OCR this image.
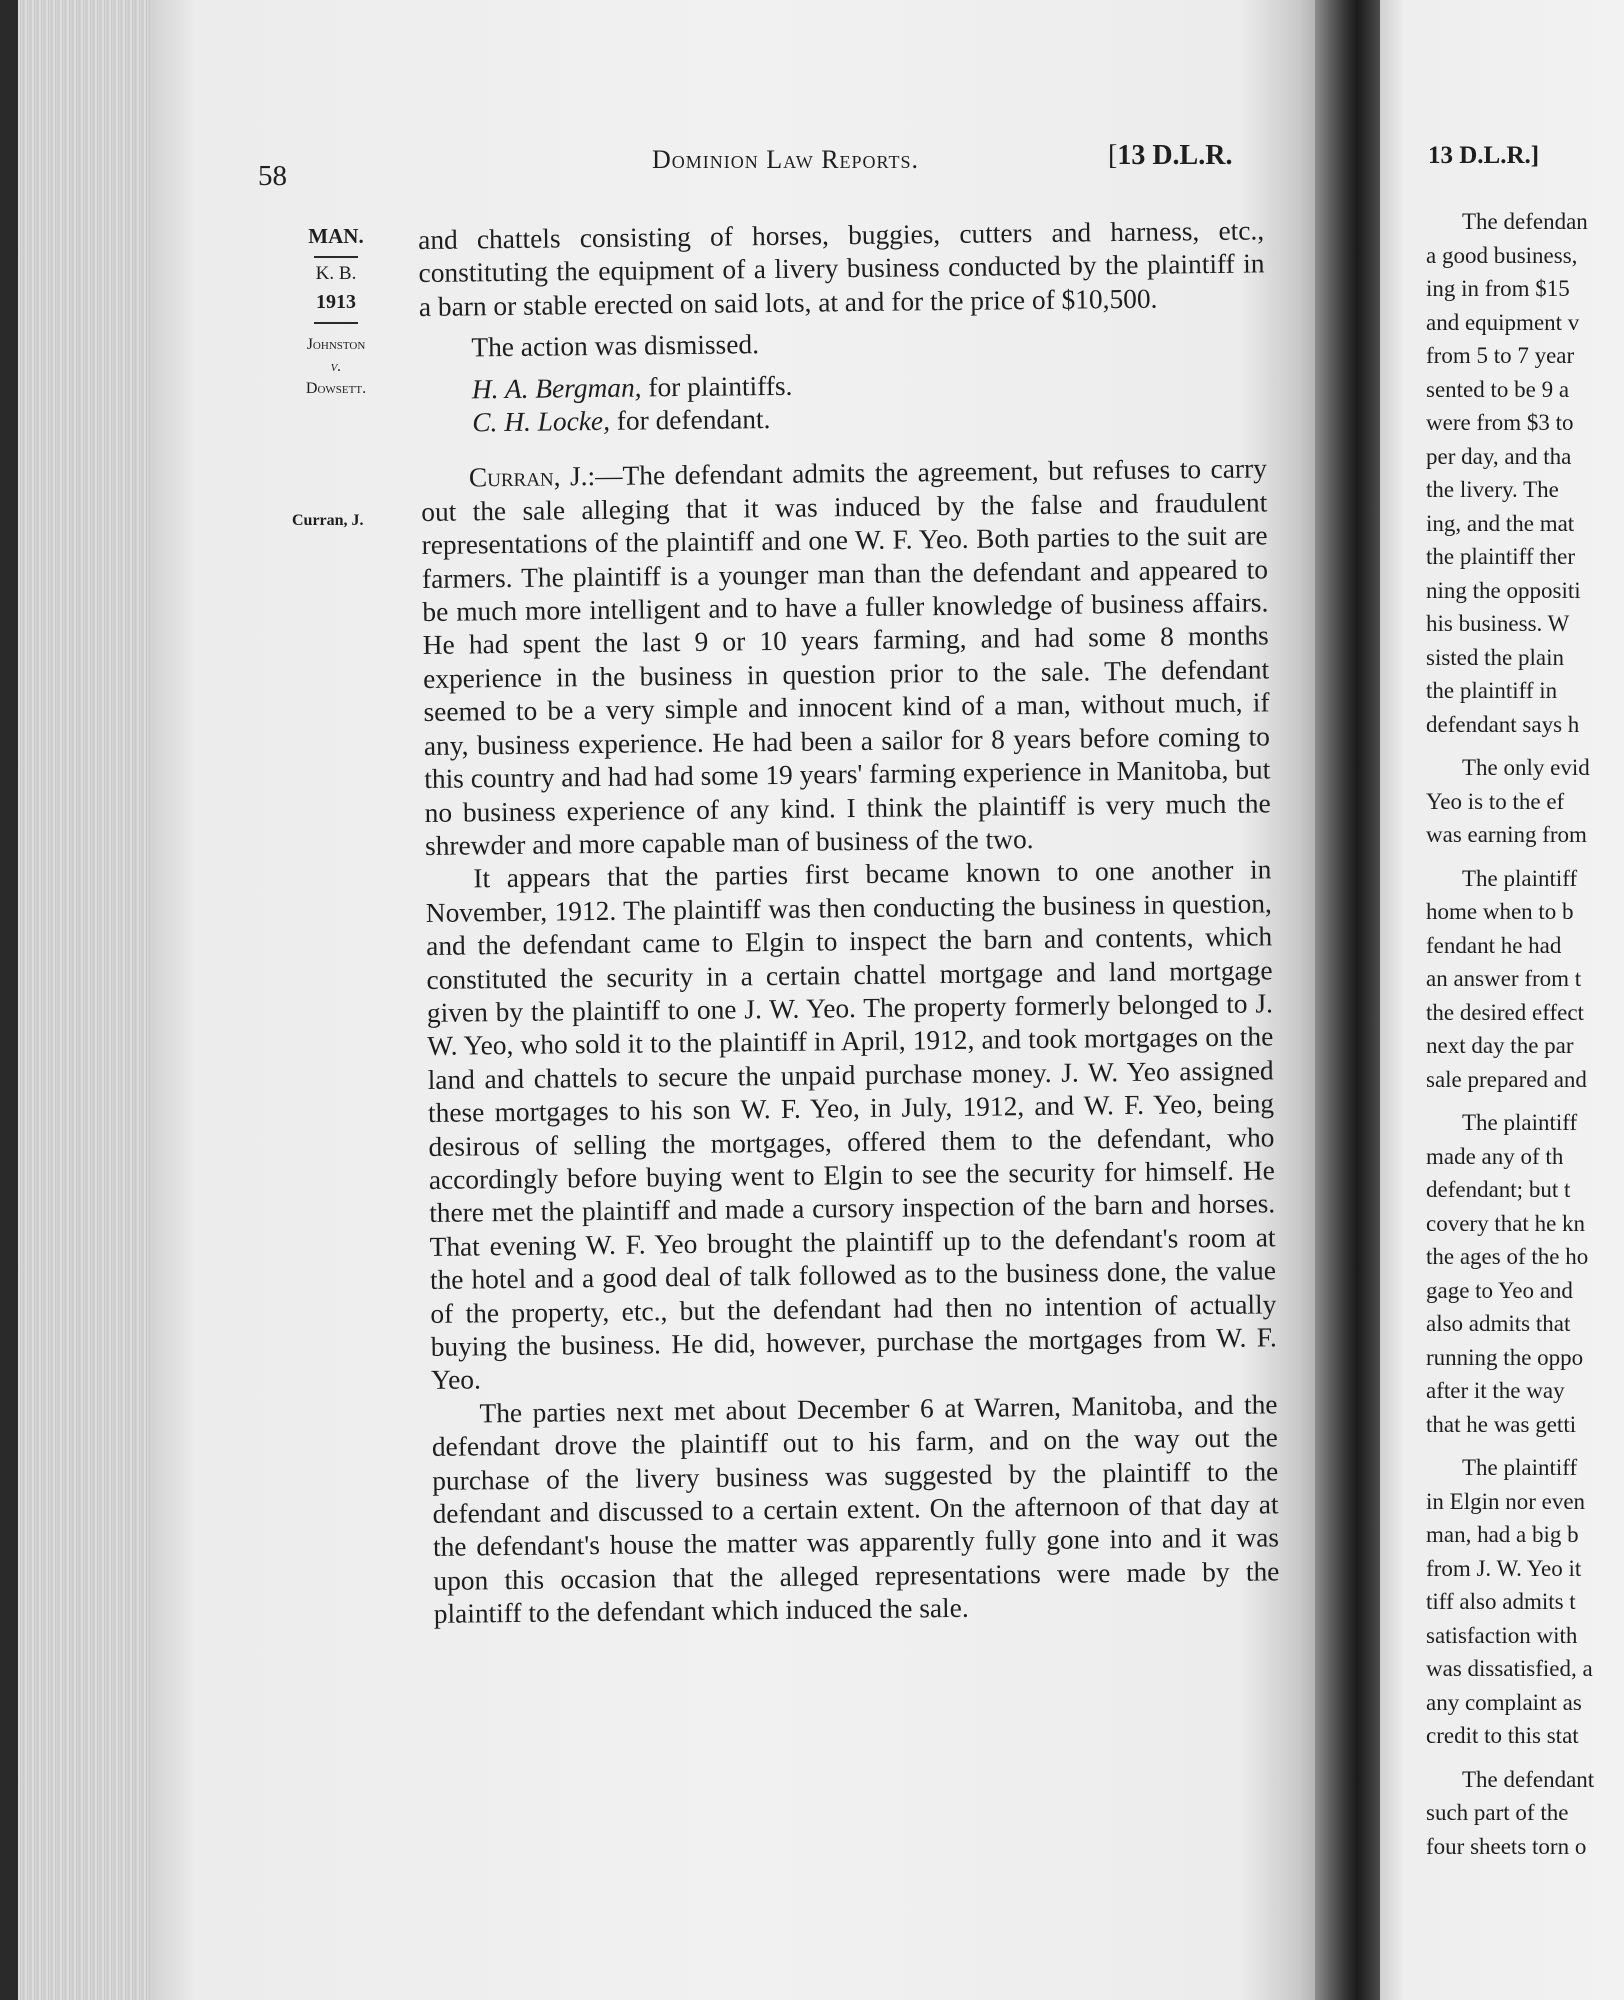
58
Dominion Law Reports.	[13 D.L.R.
MAN.
K. B.
1913
Johnston
v.
Dowsett.
Curran, J.

and chattels consisting of horses, buggies, cutters and harness, etc., constituting the equipment of a livery business conducted by the plaintiff in a barn or stable erected on said lots, at and for the price of $10,500.

The action was dismissed.

H. A. Bergman, for plaintiffs.

C. H. Locke, for defendant.

Curran, J.:—The defendant admits the agreement, but refuses to carry out the sale alleging that it was induced by the false and fraudulent representations of the plaintiff and one W. F. Yeo. Both parties to the suit are farmers. The plaintiff is a younger man than the defendant and appeared to be much more intelligent and to have a fuller knowledge of business affairs. He had spent the last 9 or 10 years farming, and had some 8 months experience in the business in question prior to the sale. The defendant seemed to be a very simple and innocent kind of a man, without much, if any, business experience. He had been a sailor for 8 years before coming to this country and had had some 19 years' farming experience in Manitoba, but no business experience of any kind. I think the plaintiff is very much the shrewder and more capable man of business of the two.

It appears that the parties first became known to one another in November, 1912. The plaintiff was then conducting the business in question, and the defendant came to Elgin to inspect the barn and contents, which constituted the security in a certain chattel mortgage and land mortgage given by the plaintiff to one J. W. Yeo. The property formerly belonged to J. W. Yeo, who sold it to the plaintiff in April, 1912, and took mortgages on the land and chattels to secure the unpaid purchase money. J. W. Yeo assigned these mortgages to his son W. F. Yeo, in July, 1912, and W. F. Yeo, being desirous of selling the mortgages, offered them to the defendant, who accordingly before buying went to Elgin to see the security for himself. He there met the plaintiff and made a cursory inspection of the barn and horses. That evening W. F. Yeo brought the plaintiff up to the defendant's room at the hotel and a good deal of talk followed as to the business done, the value of the property, etc., but the defendant had then no intention of actually buying the business. He did, however, purchase the mortgages from W. F. Yeo.

The parties next met about December 6 at Warren, Manitoba, and the defendant drove the plaintiff out to his farm, and on the way out the purchase of the livery business was suggested by the plaintiff to the defendant and discussed to a certain extent. On the afternoon of that day at the defendant's house the matter was apparently fully gone into and it was upon this occasion that the alleged representations were made by the plaintiff to the defendant which induced the sale.

13 D.L.R.]
The defendan
a good business,
ing in from $15
and equipment v
from 5 to 7 year
sented to be 9 a
were from $3 to
per day, and tha
the livery. The
ing, and the mat
the plaintiff ther
ning the oppositi
his business. W
sisted the plain
the plaintiff in
defendant says h
The only evid
Yeo is to the ef
was earning from
The plaintiff
home when to b
fendant he had
an answer from t
the desired effect
next day the par
sale prepared and
The plaintiff
made any of th
defendant; but t
covery that he kn
the ages of the ho
gage to Yeo and
also admits that
running the oppo
after it the way
that he was getti
The plaintiff
in Elgin nor even
man, had a big b
from J. W. Yeo it
tiff also admits t
satisfaction with
was dissatisfied, a
any complaint as
credit to this stat
The defendant
such part of the
four sheets torn o
